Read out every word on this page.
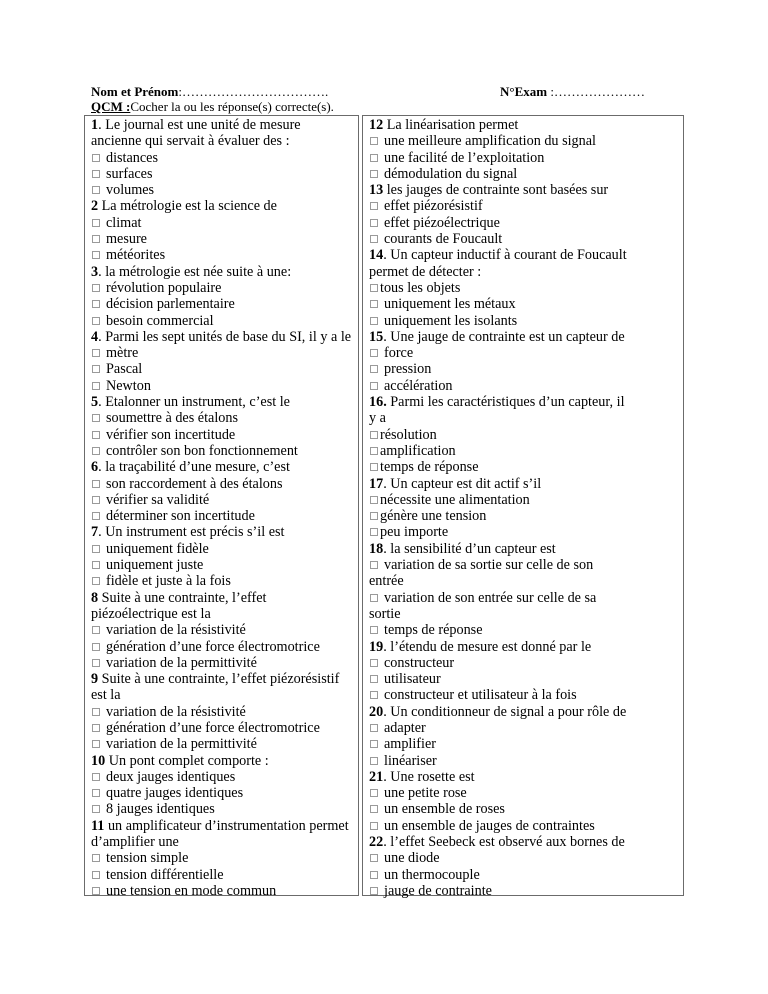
Nom et Prénom:…………………………….	N°Exam :…………………
QCM :Cocher la ou les réponse(s) correcte(s).
1. Le journal est une unité de mesure
ancienne qui servait à évaluer des :
distances
surfaces
volumes
2 La métrologie est la science de
climat
mesure
météorites
3. la métrologie est née suite à une:
révolution populaire
décision parlementaire
besoin commercial
4. Parmi les sept unités de base du SI, il y a le
mètre
Pascal
Newton
5. Etalonner un instrument, c’est le
soumettre à des étalons
vérifier son incertitude
contrôler son bon fonctionnement
6. la traçabilité d’une mesure, c’est
son raccordement à des étalons
vérifier sa validité
déterminer son incertitude
7. Un instrument est précis s’il est
uniquement fidèle
uniquement juste
fidèle et juste à la fois
8 Suite à une contrainte, l’effet
piézoélectrique est la
variation de la résistivité
génération d’une force électromotrice
variation de la permittivité
9 Suite à une contrainte, l’effet piézorésistif
est la
variation de la résistivité
génération d’une force électromotrice
variation de la permittivité
10 Un pont complet comporte :
deux jauges identiques
quatre jauges identiques
8 jauges identiques
11 un amplificateur d’instrumentation permet
d’amplifier une
tension simple
tension différentielle
une tension en mode commun
12 La linéarisation permet
une meilleure amplification du signal
une facilité de l’exploitation
démodulation du signal
13 les jauges de contrainte sont basées sur
effet piézorésistif
effet piézoélectrique
courants de Foucault
14. Un capteur inductif à courant de Foucault
permet de détecter :
tous les objets
uniquement les métaux
uniquement les isolants
15. Une jauge de contrainte est un capteur de
force
pression
accélération
16. Parmi les caractéristiques d’un capteur, il
y a
résolution
amplification
temps de réponse
17. Un capteur est dit actif s’il
nécessite une alimentation
génère une tension
peu importe
18. la sensibilité d’un capteur est
variation de sa sortie sur celle de son
entrée
variation de son entrée sur celle de sa
sortie
temps de réponse
19. l’étendu de mesure est donné par le
constructeur
utilisateur
constructeur et utilisateur à la fois
20. Un conditionneur de signal a pour rôle de
adapter
amplifier
linéariser
21. Une rosette est
une petite rose
un ensemble de roses
un ensemble de jauges de contraintes
22. l’effet Seebeck est observé aux bornes de
une diode
un thermocouple
jauge de contrainte
